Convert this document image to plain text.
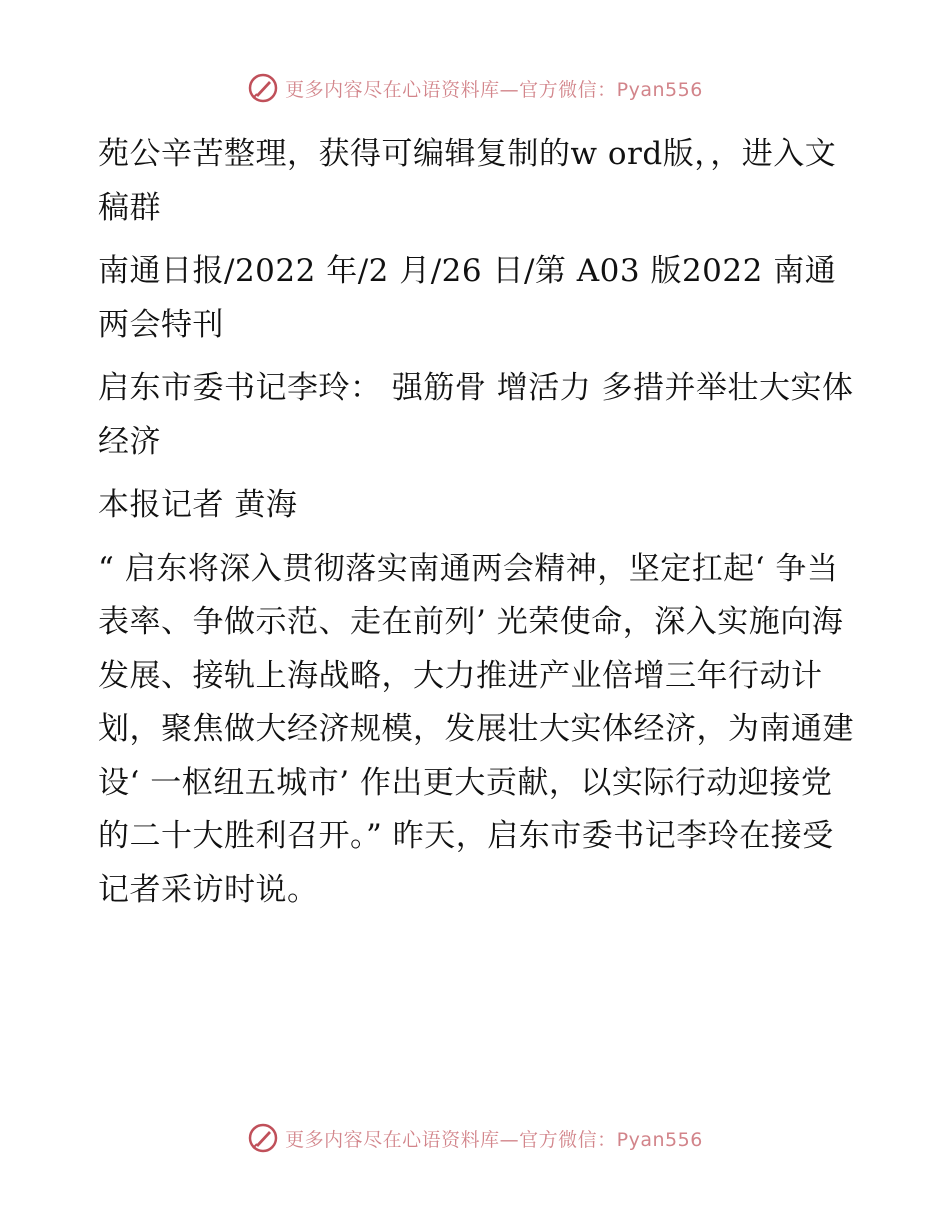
更多内容尽在心语资料库—官方微信：Pyan556

苑公辛苦整理，获得可编辑复制的w ord版，，进入文稿群

南通日报/2022 年/2 月/26 日/第 A03 版2022 南通两会特刊

启东市委书记李玲： 强筋骨 增活力 多措并举壮大实体经济

本报记者 黄海

“ 启东将深入贯彻落实南通两会精神，坚定扛起‘ 争当表率、争做示范、走在前列’ 光荣使命，深入实施向海发展、接轨上海战略，大力推进产业倍增三年行动计划，聚焦做大经济规模，发展壮大实体经济，为南通建设‘ 一枢纽五城市’ 作出更大贡献，以实际行动迎接党的二十大胜利召开。” 昨天，启东市委书记李玲在接受记者采访时说。

更多内容尽在心语资料库—官方微信：Pyan556
